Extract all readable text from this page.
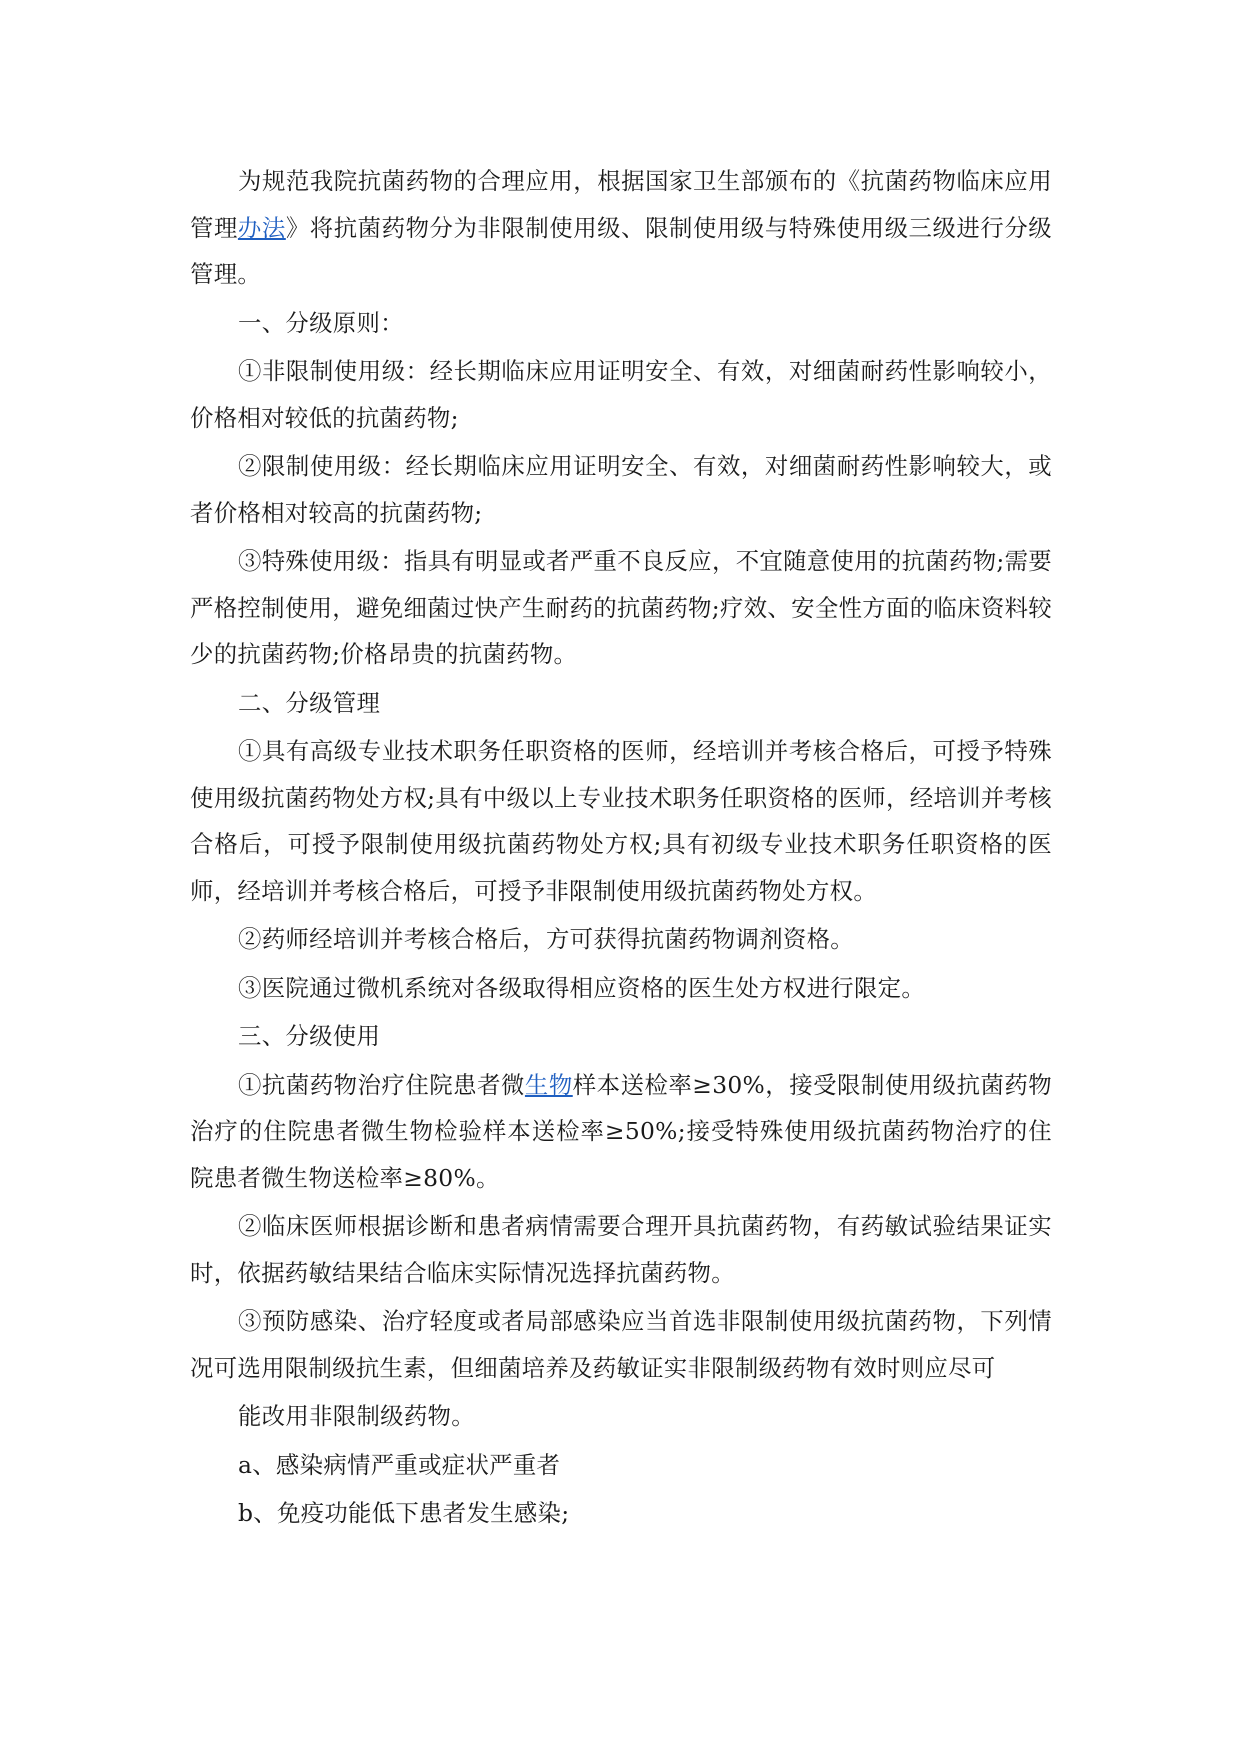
为规范我院抗菌药物的合理应用，根据国家卫生部颁布的《抗菌药物临床应用管理办法》将抗菌药物分为非限制使用级、限制使用级与特殊使用级三级进行分级管理。

一、分级原则：

①非限制使用级：经长期临床应用证明安全、有效，对细菌耐药性影响较小，价格相对较低的抗菌药物;

②限制使用级：经长期临床应用证明安全、有效，对细菌耐药性影响较大，或者价格相对较高的抗菌药物;

③特殊使用级：指具有明显或者严重不良反应，不宜随意使用的抗菌药物;需要严格控制使用，避免细菌过快产生耐药的抗菌药物;疗效、安全性方面的临床资料较少的抗菌药物;价格昂贵的抗菌药物。

二、分级管理

①具有高级专业技术职务任职资格的医师，经培训并考核合格后，可授予特殊使用级抗菌药物处方权;具有中级以上专业技术职务任职资格的医师，经培训并考核合格后，可授予限制使用级抗菌药物处方权;具有初级专业技术职务任职资格的医师，经培训并考核合格后，可授予非限制使用级抗菌药物处方权。

②药师经培训并考核合格后，方可获得抗菌药物调剂资格。

③医院通过微机系统对各级取得相应资格的医生处方权进行限定。

三、分级使用

①抗菌药物治疗住院患者微生物样本送检率≥30%，接受限制使用级抗菌药物治疗的住院患者微生物检验样本送检率≥50%;接受特殊使用级抗菌药物治疗的住院患者微生物送检率≥80%。

②临床医师根据诊断和患者病情需要合理开具抗菌药物，有药敏试验结果证实时，依据药敏结果结合临床实际情况选择抗菌药物。

③预防感染、治疗轻度或者局部感染应当首选非限制使用级抗菌药物，下列情况可选用限制级抗生素，但细菌培养及药敏证实非限制级药物有效时则应尽可

能改用非限制级药物。

a、感染病情严重或症状严重者

b、免疫功能低下患者发生感染;
